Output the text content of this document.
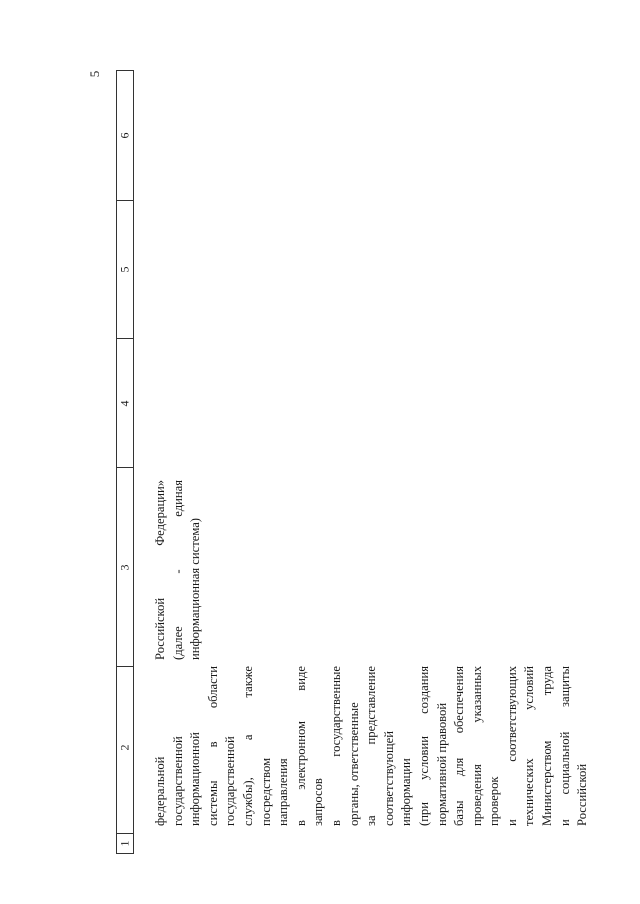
5
1
2
3
4
5
6
федеральной государственной информационной системы
в
области
государственной службы),
а
также
посредством направления в
электронном
виде
запросов в
государственные органы, ответственные за
представление
соответствующей информации (при
условии
создания
нормативной правовой базы
для
обеспечения
проведения
указанных
проверок и
соответствующих
технических
условий
Министерством
труда
и
социальной
защиты
Российской
Российской
Федерации»
(далее
-
единая
информационная система)
